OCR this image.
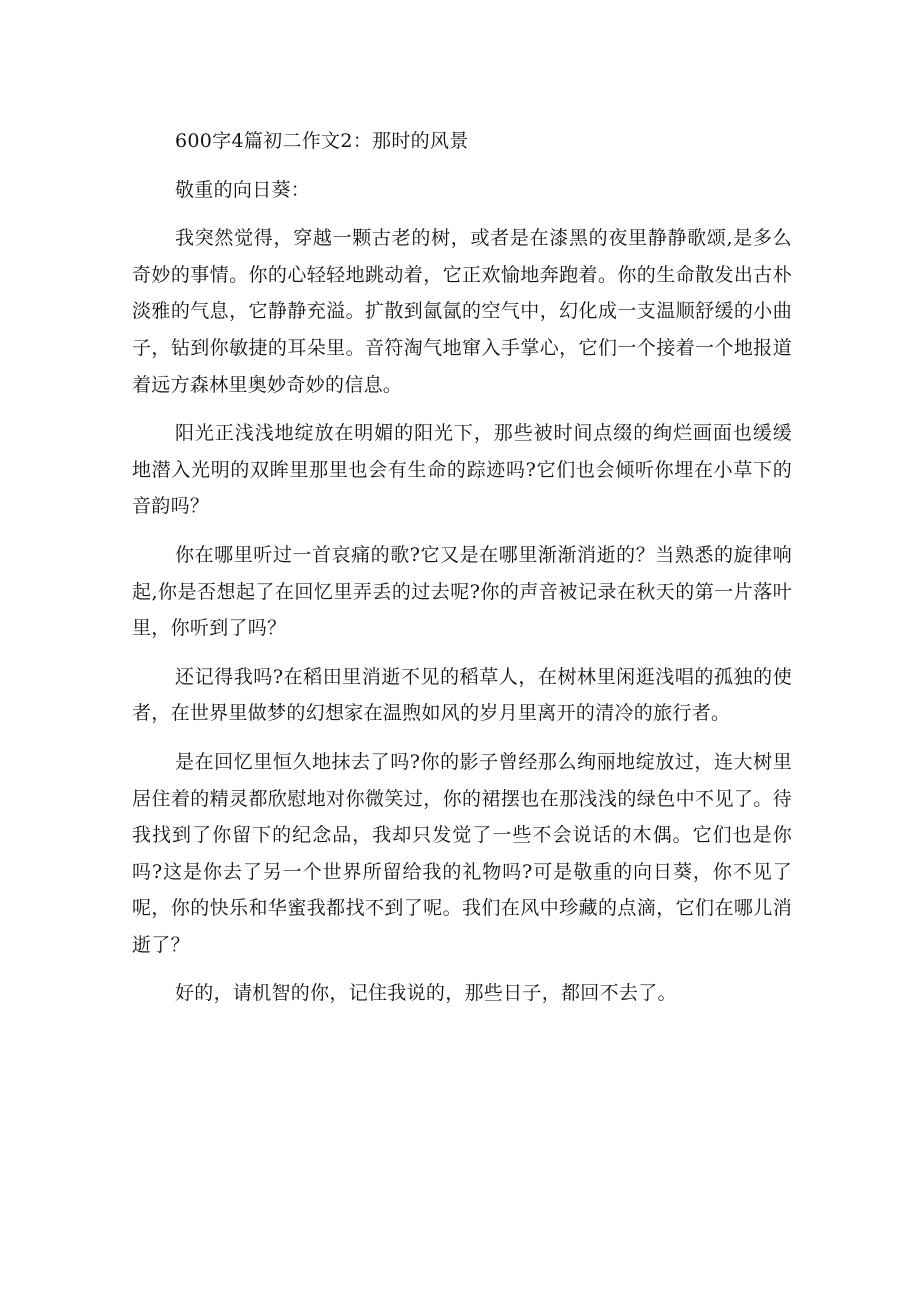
600字4篇初二作文2：那时的风景
敬重的向日葵：

我突然觉得，穿越一颗古老的树，或者是在漆黑的夜里静静歌颂,是多么奇妙的事情。你的心轻轻地跳动着，它正欢愉地奔跑着。你的生命散发出古朴淡雅的气息，它静静充溢。扩散到氤氤的空气中，幻化成一支温顺舒缓的小曲子，钻到你敏捷的耳朵里。音符淘气地窜入手掌心，它们一个接着一个地报道着远方森林里奥妙奇妙的信息。

阳光正浅浅地绽放在明媚的阳光下，那些被时间点缀的绚烂画面也缓缓地潜入光明的双眸里那里也会有生命的踪迹吗?它们也会倾听你埋在小草下的音韵吗？

你在哪里听过一首哀痛的歌?它又是在哪里渐渐消逝的？当熟悉的旋律响起,你是否想起了在回忆里弄丢的过去呢?你的声音被记录在秋天的第一片落叶里，你听到了吗？

还记得我吗?在稻田里消逝不见的稻草人，在树林里闲逛浅唱的孤独的使者，在世界里做梦的幻想家在温煦如风的岁月里离开的清冷的旅行者。

是在回忆里恒久地抹去了吗?你的影子曾经那么绚丽地绽放过，连大树里居住着的精灵都欣慰地对你微笑过，你的裙摆也在那浅浅的绿色中不见了。待我找到了你留下的纪念品，我却只发觉了一些不会说话的木偶。它们也是你吗?这是你去了另一个世界所留给我的礼物吗?可是敬重的向日葵，你不见了呢，你的快乐和华蜜我都找不到了呢。我们在风中珍藏的点滴，它们在哪儿消逝了？

好的，请机智的你，记住我说的，那些日子，都回不去了。
